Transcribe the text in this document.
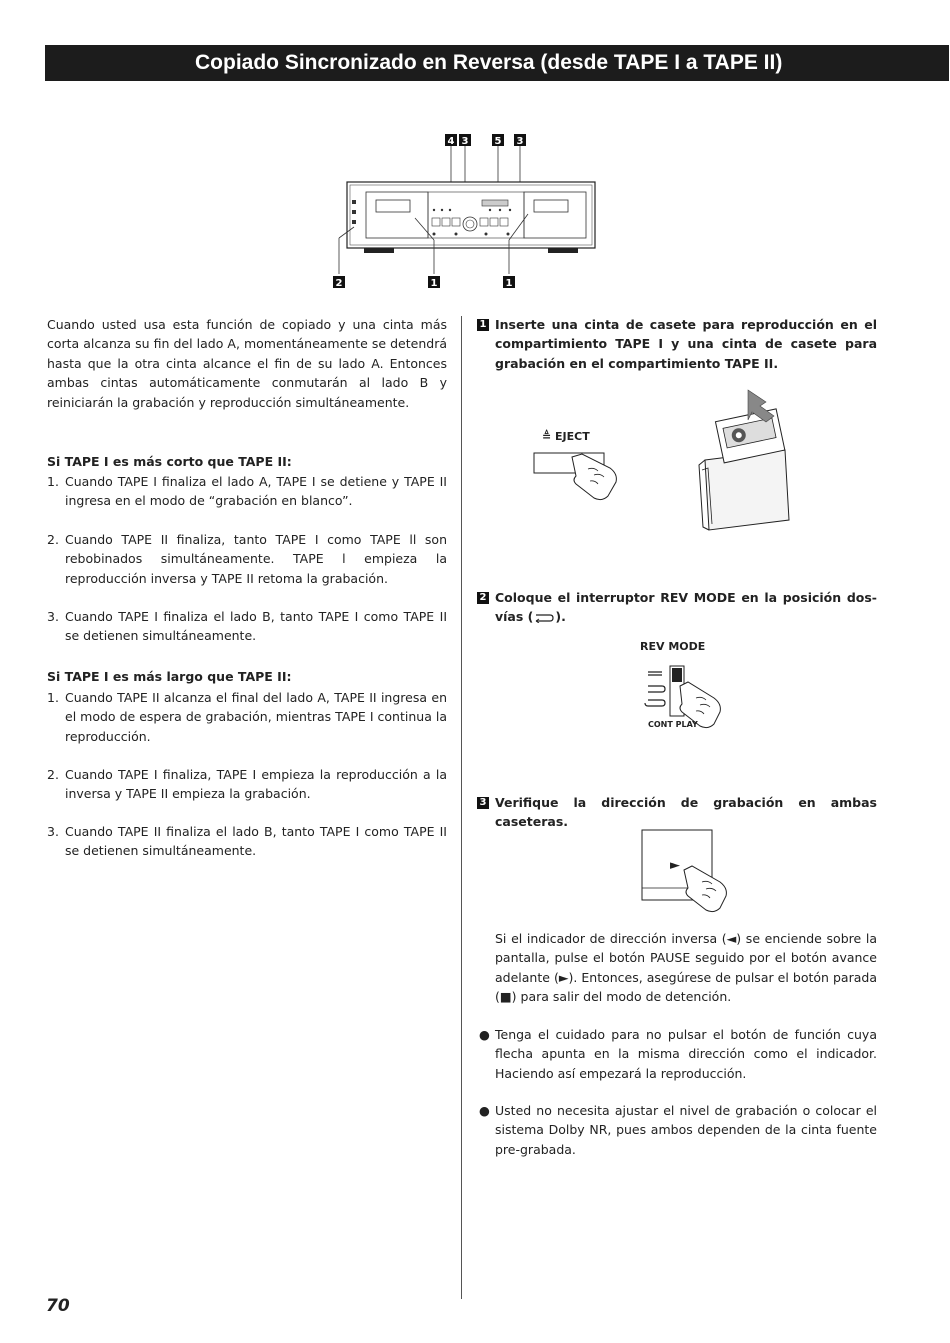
Copiado Sincronizado en Reversa (desde TAPE I a TAPE II)
4 3	5 3
2	1	1

Cuando usted usa esta función de copiado y una cinta más corta alcanza su fin del lado A, momentáneamente se detendrá hasta que la otra cinta alcance el fin de su lado A. Entonces ambas cintas automáticamente conmutarán al lado B y reiniciarán la grabación y reproducción simultáneamente.

Si TAPE I es más corto que TAPE II:
1. Cuando TAPE I finaliza el lado A, TAPE I se detiene y TAPE II ingresa en el modo de “grabación en blanco”.
2. Cuando TAPE II finaliza, tanto TAPE I como TAPE ll son rebobinados simultáneamente. TAPE l empieza la reproducción inversa y TAPE II retoma la grabación.
3. Cuando TAPE I finaliza el lado B, tanto TAPE I como TAPE II se detienen simultáneamente.
Si TAPE I es más largo que TAPE II:
1. Cuando TAPE II alcanza el final del lado A, TAPE II ingresa en el modo de espera de grabación, mientras TAPE I continua la reproducción.
2. Cuando TAPE I finaliza, TAPE I empieza la reproducción a la inversa y TAPE II empieza la grabación.
3. Cuando TAPE II finaliza el lado B, tanto TAPE I como TAPE II se detienen simultáneamente.
1 Inserte una cinta de casete para reproducción en el compartimiento TAPE I y una cinta de casete para grabación en el compartimiento TAPE II.
≜ EJECT
2 Coloque el interruptor REV MODE en la posición dos-vías ( ).
REV MODE
CONT PLAY
3 Verifique la dirección de grabación en ambas caseteras.
►

Si el indicador de dirección inversa (◄) se enciende sobre la pantalla, pulse el botón PAUSE seguido por el botón avance adelante (►). Entonces, asegúrese de pulsar el botón parada (■) para salir del modo de detención.

● Tenga el cuidado para no pulsar el botón de función cuya flecha apunta en la misma dirección como el indicador. Haciendo así empezará la reproducción.
● Usted no necesita ajustar el nivel de grabación o colocar el sistema Dolby NR, pues ambos dependen de la cinta fuente pre-grabada.
70
